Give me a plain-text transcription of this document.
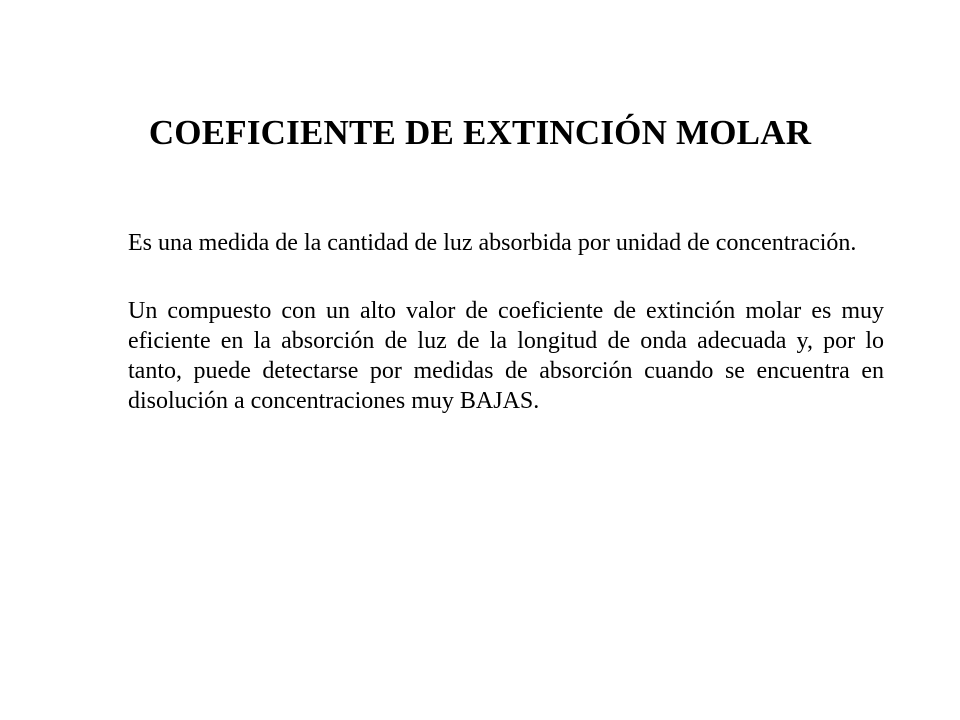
COEFICIENTE DE EXTINCIÓN MOLAR

Es una medida de la cantidad de luz absorbida por unidad de concentración.

Un compuesto con un alto valor de coeficiente de extinción molar es muy eficiente en la absorción de luz de la longitud de onda adecuada y, por lo tanto, puede detectarse por medidas de absorción cuando se encuentra en disolución a concentraciones muy BAJAS.
